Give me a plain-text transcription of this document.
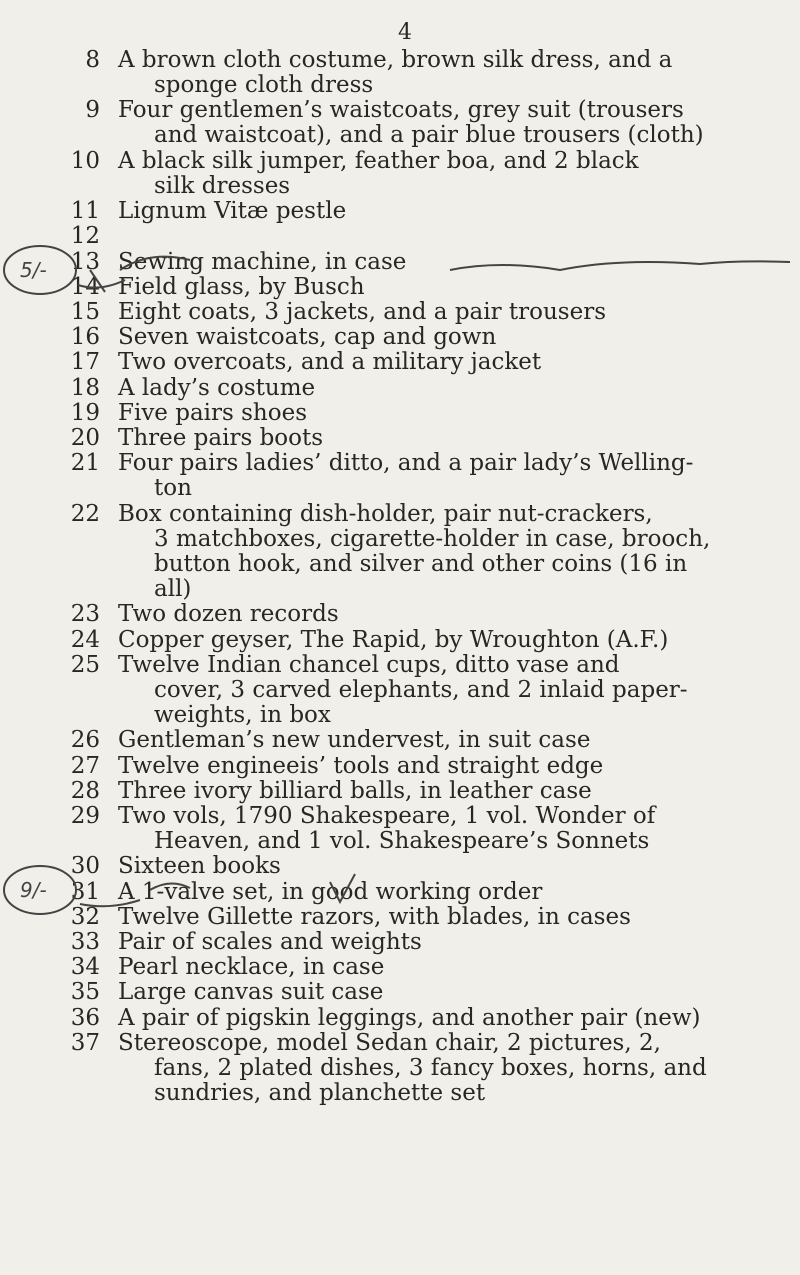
4
8 A brown cloth costume, brown silk dress, and a
sponge cloth dress
9 Four gentlemen’s waistcoats, grey suit (trousers
and waistcoat), and a pair blue trousers (cloth)
10 A black silk jumper, feather boa, and 2 black
silk dresses
11 Lignum Vitæ pestle
12
13 Sewing machine, in case
14 Field glass, by Busch
15 Eight coats, 3 jackets, and a pair trousers
16 Seven waistcoats, cap and gown
17 Two overcoats, and a military jacket
18 A lady’s costume
19 Five pairs shoes
20 Three pairs boots
21 Four pairs ladies’ ditto, and a pair lady’s Welling-
ton
22 Box containing dish-holder, pair nut-crackers,
3 matchboxes, cigarette-holder in case, brooch,
button hook, and silver and other coins (16 in
all)
23 Two dozen records
24 Copper geyser, The Rapid, by Wroughton (A.F.)
25 Twelve Indian chancel cups, ditto vase and
cover, 3 carved elephants, and 2 inlaid paper-
weights, in box
26 Gentleman’s new undervest, in suit case
27 Twelve engineeis’ tools and straight edge
28 Three ivory billiard balls, in leather case
29 Two vols, 1790 Shakespeare, 1 vol. Wonder of
Heaven, and 1 vol. Shakespeare’s Sonnets
30 Sixteen books
31 A 1-valve set, in good working order
32 Twelve Gillette razors, with blades, in cases
33 Pair of scales and weights
34 Pearl necklace, in case
35 Large canvas suit case
36 A pair of pigskin leggings, and another pair (new)
37 Stereoscope, model Sedan chair, 2 pictures, 2,
fans, 2 plated dishes, 3 fancy boxes, horns, and
sundries, and planchette set
5/-
9/-
